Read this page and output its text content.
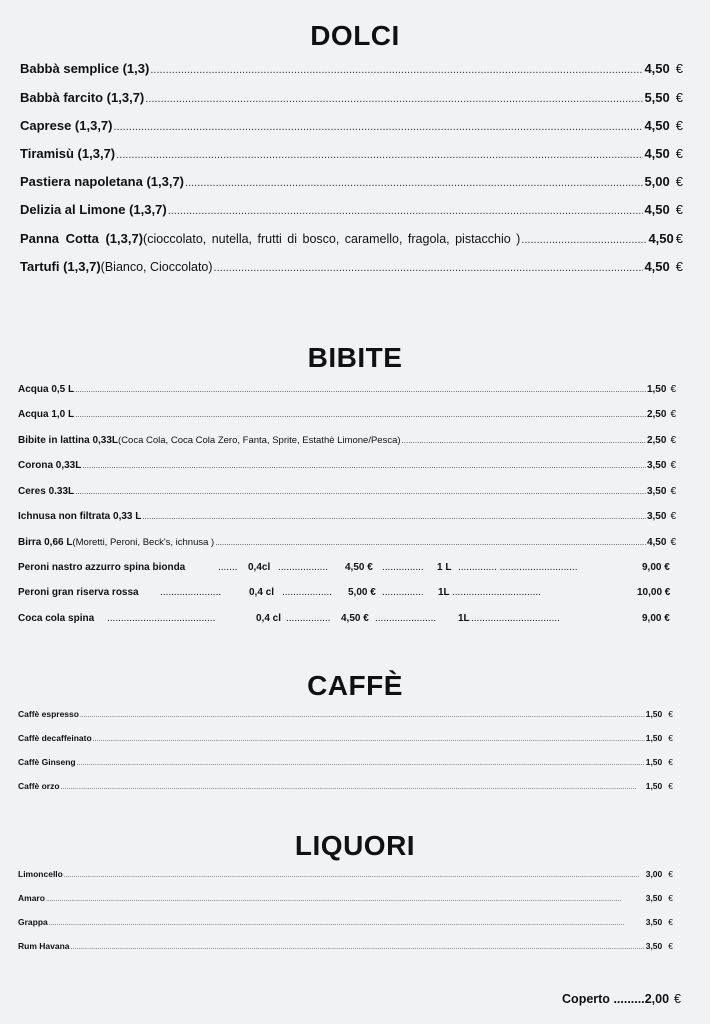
DOLCI
Babbà semplice (1,3) .....	4,50 €
Babbà farcito (1,3,7) .....	5,50 €
Caprese (1,3,7) .....	4,50 €
Tiramisù (1,3,7) .....	4,50 €
Pastiera napoletana (1,3,7) .....	5,00 €
Delizia al Limone (1,3,7) .....	4,50 €
Panna Cotta (1,3,7) (cioccolato, nutella, frutti di bosco, caramello, fragola, pistacchio ) .....	4,50 €
Tartufi (1,3,7) (Bianco, Cioccolato) .....	4,50 €
BIBITE
Acqua 0,5 L .....	1,50 €
Acqua 1,0 L .....	2,50 €
Bibite in lattina 0,33L (Coca Cola, Coca Cola Zero, Fanta, Sprite, Estathè Limone/Pesca) .....	2,50 €
Corona 0,33L .....	3,50 €
Ceres 0.33L .....	3,50 €
Ichnusa non filtrata 0,33 L .....	3,50 €
Birra 0,66 L (Moretti, Peroni, Beck's, ichnusa ) .....	4,50 €
Peroni nastro azzurro spina bionda	....... 0,4cl .................. 4,50 € ............... 1 L .............. ............................	9,00 €
Peroni gran riserva rossa ......................	0,4 cl .................. 5,00 € ............... 1L ................................	10,00 €
Coca cola spina .......................................	0,4 cl ................ 4,50 € ...................... 1L ................................	9,00 €
CAFFÈ
Caffè espresso .....	1,50 €
Caffè decaffeinato .....	1,50 €
Caffè Ginseng .....	1,50 €
Caffè orzo .....	1,50 €
LIQUORI
Limoncello .....	3,00 €
Amaro .....	3,50 €
Grappa .....	3,50 €
Rum Havana .....	3,50 €
Coperto .........2,00 €
